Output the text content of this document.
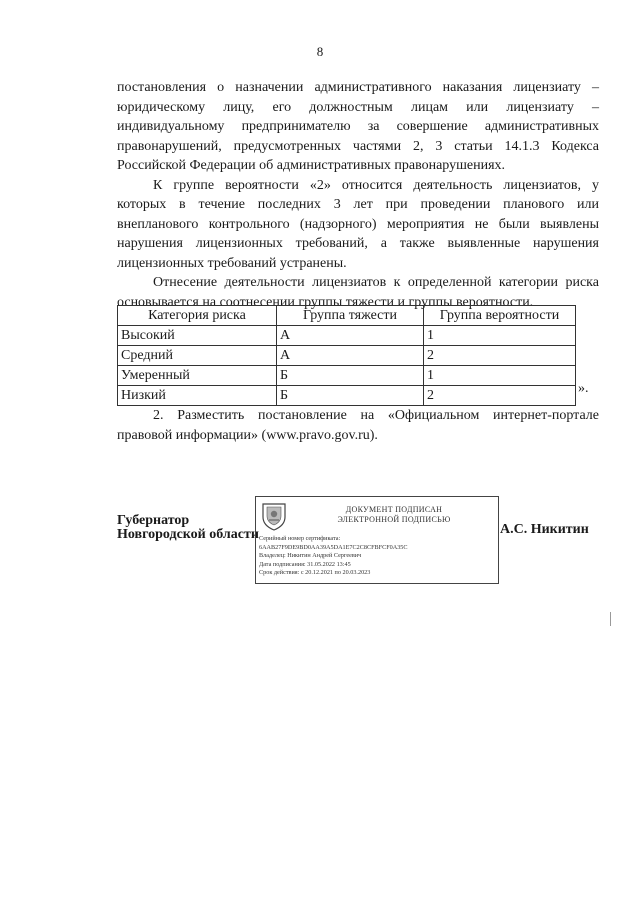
8

постановления о назначении административного наказания лицензиату – юридическому лицу, его должностным лицам или лицензиату – индивидуальному предпринимателю за совершение административных правонарушений, предусмотренных частями 2, 3 статьи 14.1.3 Кодекса Российской Федерации об административных правонарушениях.

К группе вероятности «2» относится деятельность лицензиатов, у которых в течение последних 3 лет при проведении планового или внепланового контрольного (надзорного) мероприятия не были выявлены нарушения лицензионных требований, а также выявленные нарушения лицензионных требований устранены.

Отнесение деятельности лицензиатов к определенной категории риска основывается на соотнесении группы тяжести и группы вероятности.

Категория риска	Группа тяжести	Группа вероятности
Высокий	А	1
Средний	А	2
Умеренный	Б	1
Низкий	Б	2	».

2. Разместить постановление на «Официальном интернет-портале правовой информации» (www.pravo.gov.ru).

Губернатор
Новгородской области
ДОКУМЕНТ ПОДПИСАН
ЭЛЕКТРОННОЙ ПОДПИСЬЮ
Серийный номер сертификата:
6AAB27F9DE9BD0AA39A5DA1E7C2C8CFBFCF0A35C
Владелец: Никитин Андрей Сергеевич
Дата подписания: 31.05.2022 13:45
Срок действия: с 20.12.2021 по 20.03.2023
А.С. Никитин
